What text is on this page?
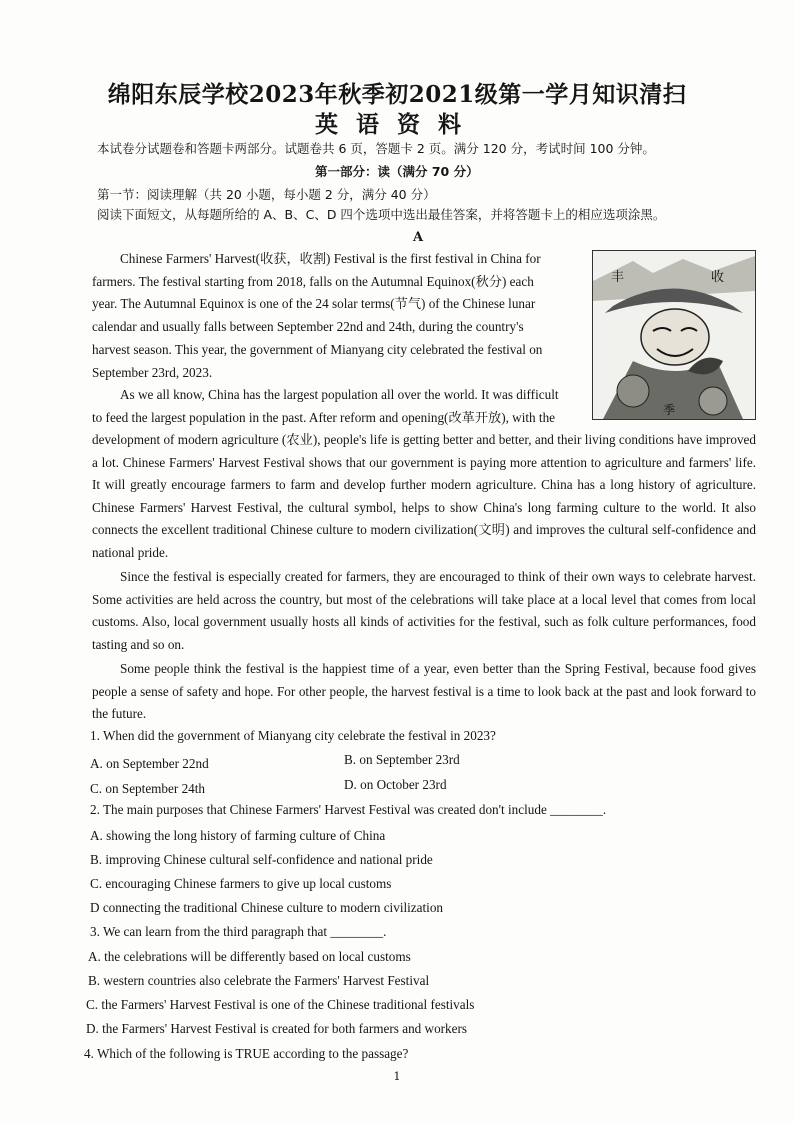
绵阳东辰学校2023年秋季初2021级第一学月知识清扫
英语资料
本试卷分试题卷和答题卡两部分。试题卷共 6 页，答题卡 2 页。满分 120 分，考试时间 100 分钟。
第一部分：读（满分 70 分）
第一节：阅读理解（共 20 小题，每小题 2 分，满分 40 分）
阅读下面短文，从每题所给的 A、B、C、D 四个选项中选出最佳答案，并将答题卡上的相应选项涂黑。
A
Chinese Farmers' Harvest(收获，收割) Festival is the first festival in China for
farmers. The festival starting from 2018, falls on the Autumnal Equinox(秋分) each
year. The Autumnal Equinox is one of the 24 solar terms(节气) of the Chinese lunar
calendar and usually falls between September 22nd and 24th, during the country's
harvest season. This year, the government of Mianyang city celebrated the festival on
September 23rd, 2023.
丰	收
季
As we all know, China has the largest population all over the world. It was difficult
to feed the largest population in the past. After reform and opening(改革开放), with the
development of modern agriculture (农业), people's life is getting better and better, and their living conditions have improved a lot. Chinese Farmers' Harvest Festival shows that our government is paying more attention to agriculture and farmers' life. It will greatly encourage farmers to farm and develop further modern agriculture. China has a long history of agriculture. Chinese Farmers' Harvest Festival, the cultural symbol, helps to show China's long farming culture to the world. It also connects the excellent traditional Chinese culture to modern civilization(文明) and improves the cultural self-confidence and national pride.
Since the festival is especially created for farmers, they are encouraged to think of their own ways to celebrate harvest. Some activities are held across the country, but most of the celebrations will take place at a local level that comes from local customs. Also, local government usually hosts all kinds of activities for the festival, such as folk culture performances, food tasting and so on.
Some people think the festival is the happiest time of a year, even better than the Spring Festival, because food gives people a sense of safety and hope. For other people, the harvest festival is a time to look back at the past and look forward to the future.
1. When did the government of Mianyang city celebrate the festival in 2023?
A. on September 22nd	B. on September 23rd
C. on September 24th	D. on October 23rd
2. The main purposes that Chinese Farmers' Harvest Festival was created don't include ________.
A. showing the long history of farming culture of China
B. improving Chinese cultural self-confidence and national pride
C. encouraging Chinese farmers to give up local customs
D connecting the traditional Chinese culture to modern civilization
3. We can learn from the third paragraph that ________.
A. the celebrations will be differently based on local customs
B. western countries also celebrate the Farmers' Harvest Festival
C. the Farmers' Harvest Festival is one of the Chinese traditional festivals
D. the Farmers' Harvest Festival is created for both farmers and workers
4. Which of the following is TRUE according to the passage?
1
